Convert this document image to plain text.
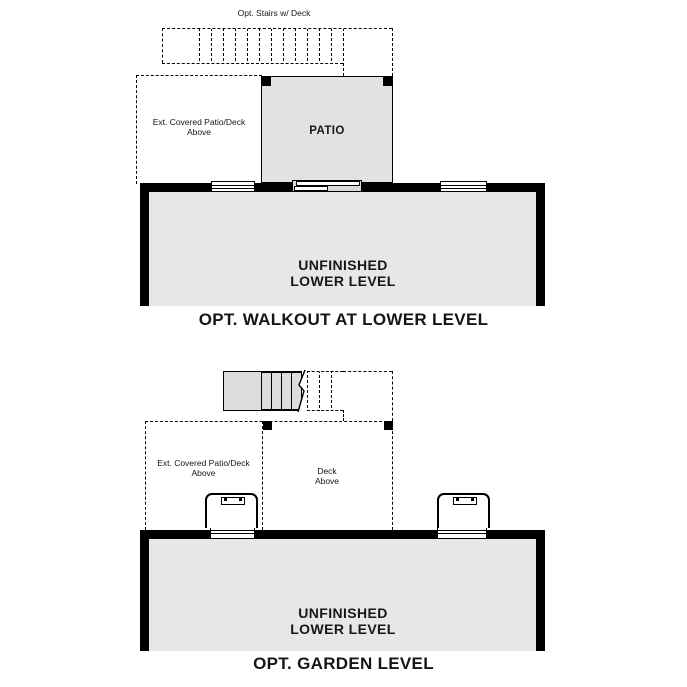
Opt. Stairs w/ Deck
Ext. Covered Patio/Deck
Above	PATIO
UNFINISHED
LOWER LEVEL
OPT. WALKOUT AT LOWER LEVEL
Ext. Covered Patio/Deck
Above	Deck
Above
UNFINISHED
LOWER LEVEL
OPT. GARDEN LEVEL
